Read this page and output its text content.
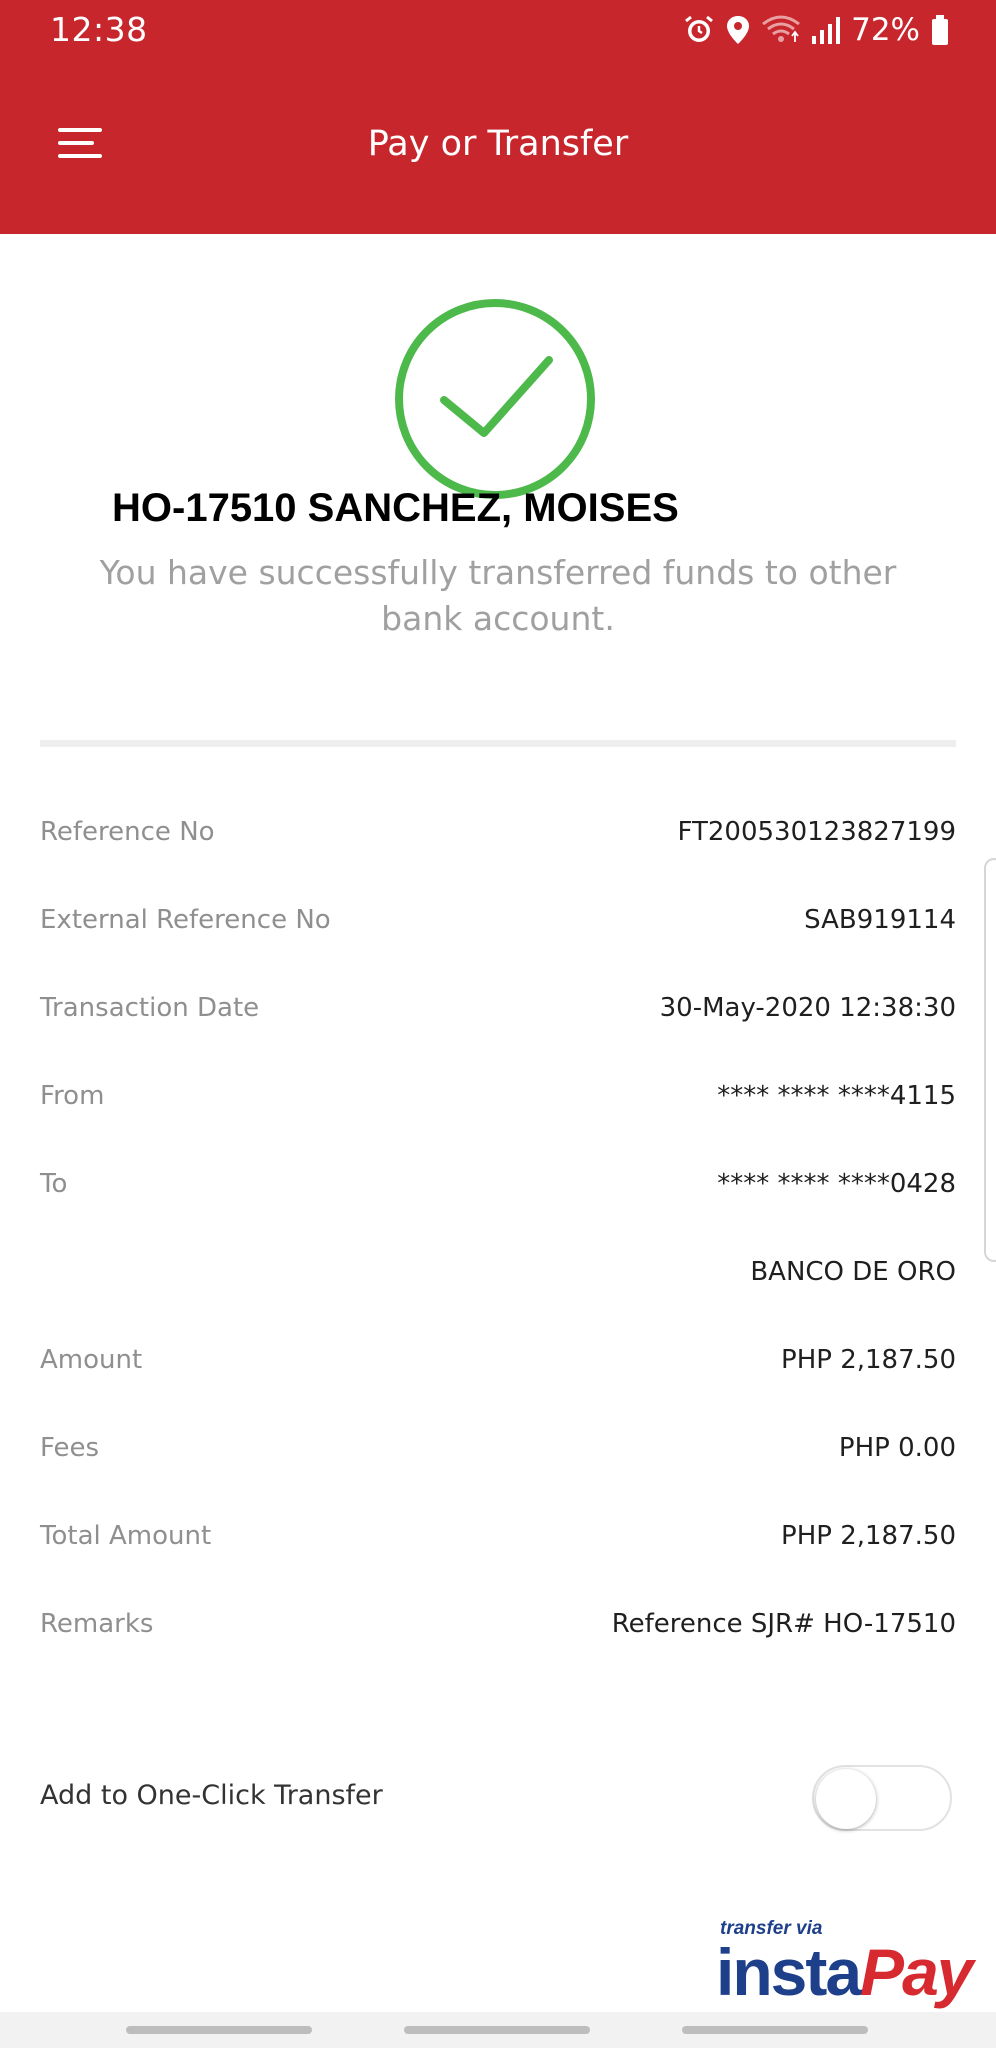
12:38	72%
Pay or Transfer
HO-17510 SANCHEZ, MOISES
You have successfully transferred funds to other bank account.
Reference No	FT200530123827199
External Reference No	SAB919114
Transaction Date	30-May-2020 12:38:30
From	**** **** ****4115
To	**** **** ****0428
BANCO DE ORO
Amount	PHP 2,187.50
Fees	PHP 0.00
Total Amount	PHP 2,187.50
Remarks	Reference SJR# HO-17510
Add to One-Click Transfer
transfer via
instaPay
